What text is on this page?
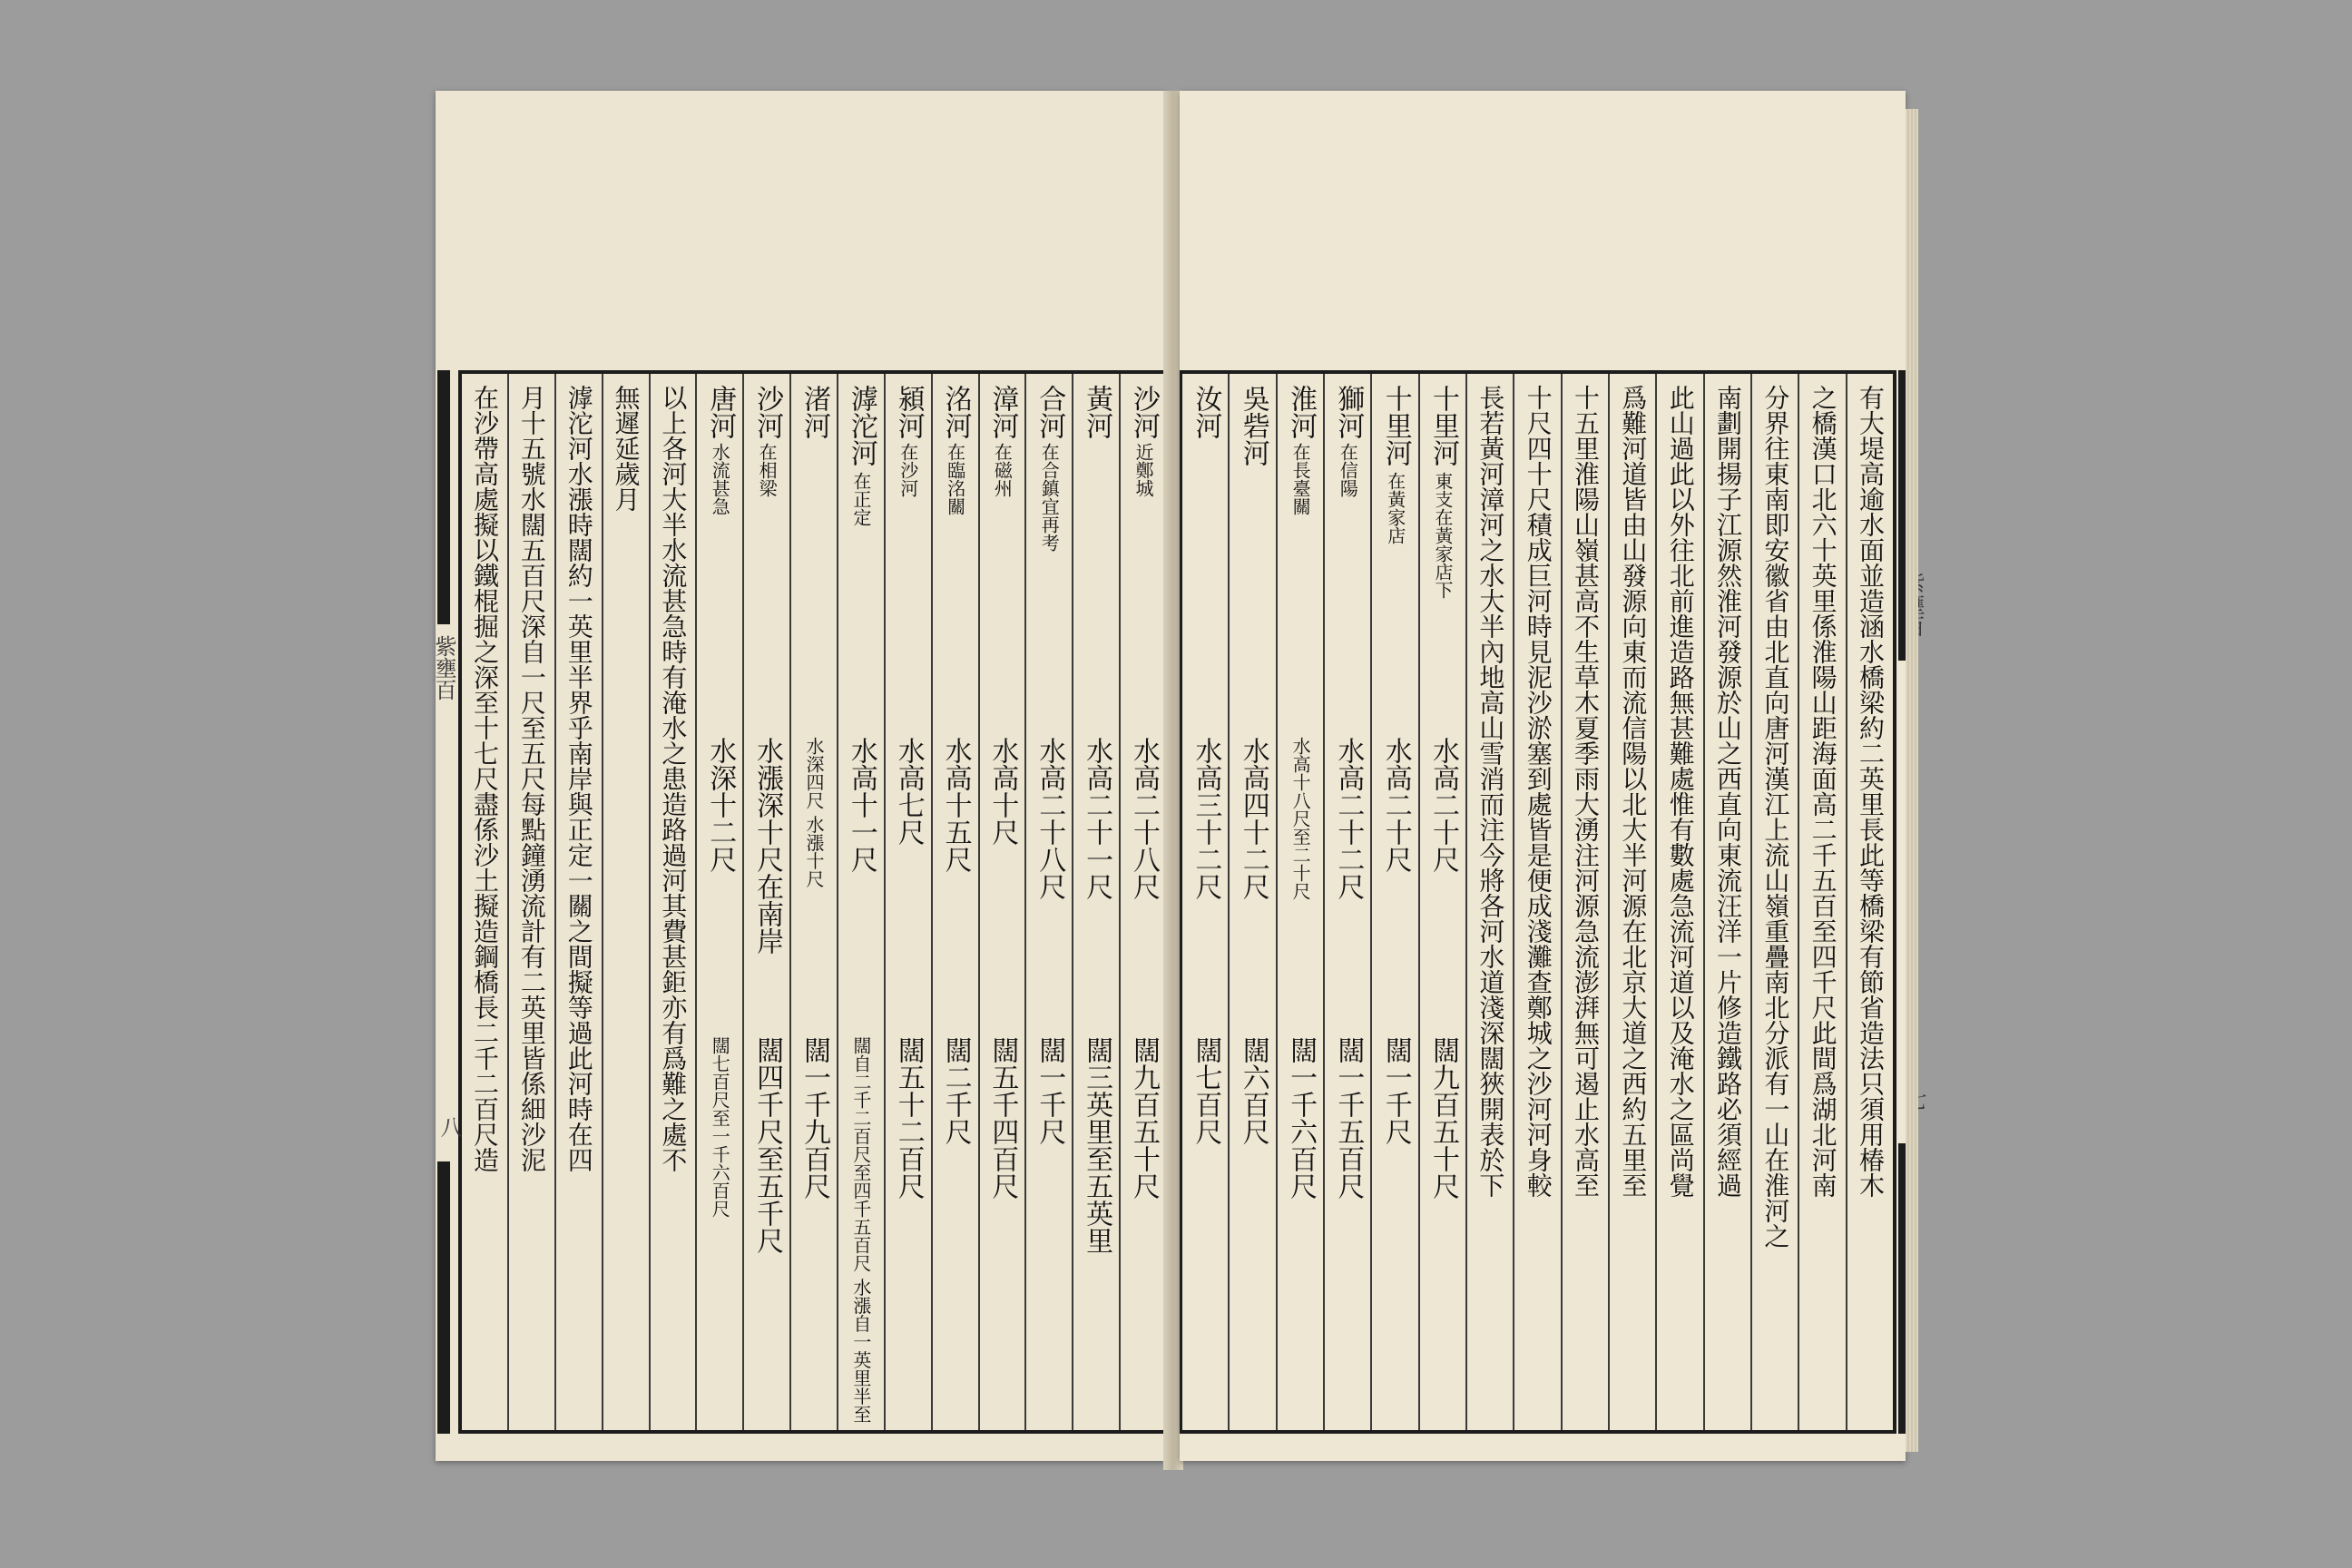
沙河
近鄭城
水高二十八尺
闊九百五十尺
黃河
水高二十一尺
闊三英里至五英里
合河
在合鎮宜再考
水高二十八尺
闊一千尺
漳河
在磁州
水高十尺
闊五千四百尺
洺河
在臨洺關
水高十五尺
闊二千尺
潁河
在沙河
水高七尺
闊五十二百尺
滹沱河
在正定
水高十一尺
闊自二千二百尺至四千五百尺 水漲自一英里半至
渚河
水深四尺 水漲十尺
闊一千九百尺
沙河
在相梁
水漲深十尺在南岸
闊四千尺至五千尺
唐河
水流甚急
水深十二尺
闊七百尺至一千六百尺
以上各河大半水流甚急時有淹水之患造路過河其費甚鉅亦有爲難之處不
無遲延歲月
滹沱河水漲時闊約一英里半界乎南岸與正定一關之間擬等過此河時在四
月十五號水闊五百尺深自一尺至五尺每點鐘湧流計有二英里皆係細沙泥
在沙帶高處擬以鐵棍掘之深至十七尺盡係沙土擬造鋼橋長二千二百尺造
紫壅百
八	有大堤高逾水面並造涵水橋梁約二英里長此等橋梁有節省造法只須用椿木
之橋漢口北六十英里係淮陽山距海面高二千五百至四千尺此間爲湖北河南
分界往東南即安徽省由北直向唐河漢江上流山嶺重疊南北分派有一山在淮河之
南劃開揚子江源然淮河發源於山之西直向東流汪洋一片修造鐵路必須經過
此山過此以外往北前進造路無甚難處惟有數處急流河道以及淹水之區尚覺
爲難河道皆由山發源向東而流信陽以北大半河源在北京大道之西約五里至
十五里淮陽山嶺甚高不生草木夏季雨大湧注河源急流澎湃無可遏止水高至
十尺四十尺積成巨河時見泥沙淤塞到處皆是便成淺灘查鄭城之沙河河身較
長若黃河漳河之水大半內地高山雪消而注今將各河水道淺深闊狹開表於下
十里河
東支在黃家店下
水高二十尺
闊九百五十尺
十里河
在黃家店
水高二十尺
闊一千尺
獅河
在信陽
水高二十二尺
闊一千五百尺
淮河
在長臺關
水高十八尺至二十尺
闊一千六百尺
吳砦河
水高四十二尺
闊六百尺
汝河
水高三十二尺
闊七百尺
